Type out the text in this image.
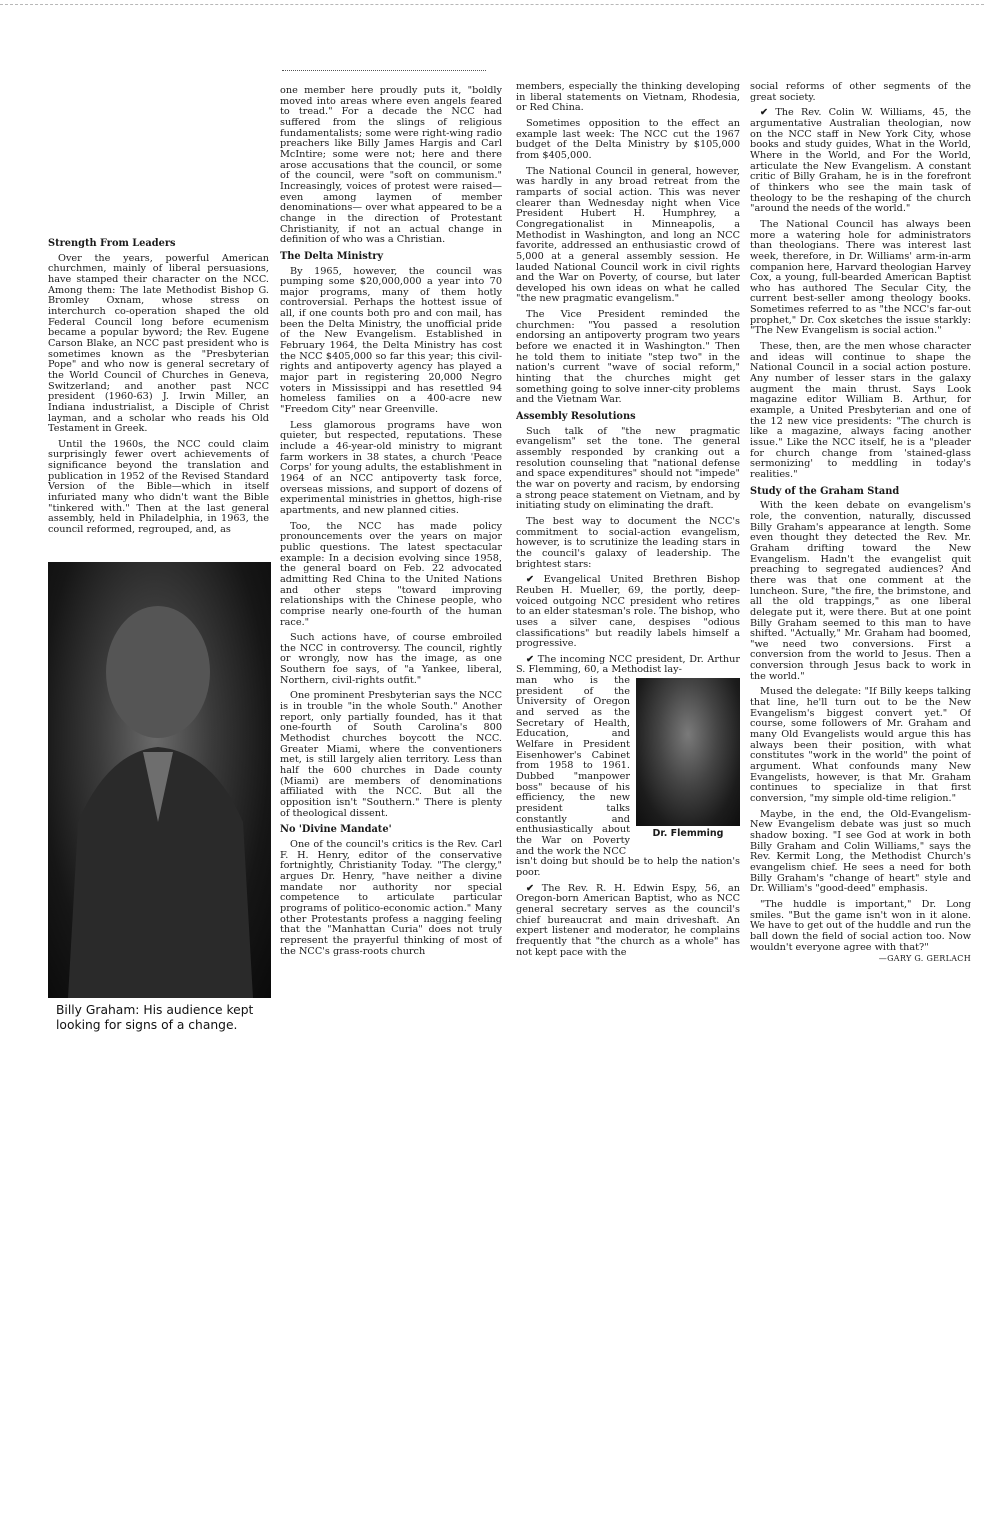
Strength From Leaders

Over the years, powerful American churchmen, mainly of liberal persuasions, have stamped their character on the NCC. Among them: The late Methodist Bishop G. Bromley Oxnam, whose stress on interchurch co-operation shaped the old Federal Council long before ecumenism became a popular byword; the Rev. Eugene Carson Blake, an NCC past president who is sometimes known as the "Presbyterian Pope" and who now is general secretary of the World Council of Churches in Geneva, Switzerland; and another past NCC president (1960-63) J. Irwin Miller, an Indiana industrialist, a Disciple of Christ layman, and a scholar who reads his Old Testament in Greek.

Until the 1960s, the NCC could claim surprisingly fewer overt achievements of significance beyond the translation and publication in 1952 of the Revised Standard Version of the Bible—which in itself infuriated many who didn't want the Bible "tinkered with." Then at the last general assembly, held in Philadelphia, in 1963, the council reformed, regrouped, and, as

Billy Graham: His audience kept looking for signs of a change.

one member here proudly puts it, "boldly moved into areas where even angels feared to tread." For a decade the NCC had suffered from the slings of religious fundamentalists; some were right-wing radio preachers like Billy James Hargis and Carl McIntire; some were not; here and there arose accusations that the council, or some of the council, were "soft on communism." Increasingly, voices of protest were raised—even among laymen of member denominations— over what appeared to be a change in the direction of Protestant Christianity, if not an actual change in definition of who was a Christian.

The Delta Ministry

By 1965, however, the council was pumping some $20,000,000 a year into 70 major programs, many of them hotly controversial. Perhaps the hottest issue of all, if one counts both pro and con mail, has been the Delta Ministry, the unofficial pride of the New Evangelism. Established in February 1964, the Delta Ministry has cost the NCC $405,000 so far this year; this civil-rights and antipoverty agency has played a major part in registering 20,000 Negro voters in Mississippi and has resettled 94 homeless families on a 400-acre new "Freedom City" near Greenville.

Less glamorous programs have won quieter, but respected, reputations. These include a 46-year-old ministry to migrant farm workers in 38 states, a church 'Peace Corps' for young adults, the establishment in 1964 of an NCC antipoverty task force, overseas missions, and support of dozens of experimental ministries in ghettos, high-rise apartments, and new planned cities.

Too, the NCC has made policy pronouncements over the years on major public questions. The latest spectacular example: In a decision evolving since 1958, the general board on Feb. 22 advocated admitting Red China to the United Nations and other steps "toward improving relationships with the Chinese people, who comprise nearly one-fourth of the human race."

Such actions have, of course embroiled the NCC in controversy. The council, rightly or wrongly, now has the image, as one Southern foe says, of "a Yankee, liberal, Northern, civil-rights outfit."

One prominent Presbyterian says the NCC is in trouble "in the whole South." Another report, only partially founded, has it that one-fourth of South Carolina's 800 Methodist churches boycott the NCC. Greater Miami, where the conventioners met, is still largely alien territory. Less than half the 600 churches in Dade county (Miami) are members of denominations affiliated with the NCC. But all the opposition isn't "Southern." There is plenty of theological dissent.

No 'Divine Mandate'

One of the council's critics is the Rev. Carl F. H. Henry, editor of the conservative fortnightly, Christianity Today. "The clergy," argues Dr. Henry, "have neither a divine mandate nor authority nor special competence to articulate particular programs of politico-economic action." Many other Protestants profess a nagging feeling that the "Manhattan Curia" does not truly represent the prayerful thinking of most of the NCC's grass-roots church

members, especially the thinking developing in liberal statements on Vietnam, Rhodesia, or Red China.

Sometimes opposition to the effect an example last week: The NCC cut the 1967 budget of the Delta Ministry by $105,000 from $405,000.

The National Council in general, however, was hardly in any broad retreat from the ramparts of social action. This was never clearer than Wednesday night when Vice President Hubert H. Humphrey, a Congregationalist in Minneapolis, a Methodist in Washington, and long an NCC favorite, addressed an enthusiastic crowd of 5,000 at a general assembly session. He lauded National Council work in civil rights and the War on Poverty, of course, but later developed his own ideas on what he called "the new pragmatic evangelism."

The Vice President reminded the churchmen: "You passed a resolution endorsing an antipoverty program two years before we enacted it in Washington." Then he told them to initiate "step two" in the nation's current "wave of social reform," hinting that the churches might get something going to solve inner-city problems and the Vietnam War.

Assembly Resolutions

Such talk of "the new pragmatic evangelism" set the tone. The general assembly responded by cranking out a resolution counseling that "national defense and space expenditures" should not "impede" the war on poverty and racism, by endorsing a strong peace statement on Vietnam, and by initiating study on eliminating the draft.

The best way to document the NCC's commitment to social-action evangelism, however, is to scrutinize the leading stars in the council's galaxy of leadership. The brightest stars:

✔ Evangelical United Brethren Bishop Reuben H. Mueller, 69, the portly, deep-voiced outgoing NCC president who retires to an elder statesman's role. The bishop, who uses a silver cane, despises "odious classifications" but readily labels himself a progressive.

✔ The incoming NCC president, Dr. Arthur S. Flemming, 60, a Methodist lay-

Dr. Flemming

man who is the president of the University of Oregon and served as the Secretary of Health, Education, and Welfare in President Eisenhower's Cabinet from 1958 to 1961. Dubbed "manpower boss" because of his efficiency, the new president talks constantly and enthusiastically about the War on Poverty and the work the NCC

isn't doing but should be to help the nation's poor.

✔ The Rev. R. H. Edwin Espy, 56, an Oregon-born American Baptist, who as NCC general secretary serves as the council's chief bureaucrat and main driveshaft. An expert listener and moderator, he complains frequently that "the church as a whole" has not kept pace with the

social reforms of other segments of the great society.

✔ The Rev. Colin W. Williams, 45, the argumentative Australian theologian, now on the NCC staff in New York City, whose books and study guides, What in the World, Where in the World, and For the World, articulate the New Evangelism. A constant critic of Billy Graham, he is in the forefront of thinkers who see the main task of theology to be the reshaping of the church "around the needs of the world."

The National Council has always been more a watering hole for administrators than theologians. There was interest last week, therefore, in Dr. Williams' arm-in-arm companion here, Harvard theologian Harvey Cox, a young, full-bearded American Baptist who has authored The Secular City, the current best-seller among theology books. Sometimes referred to as "the NCC's far-out prophet," Dr. Cox sketches the issue starkly: "The New Evangelism is social action."

These, then, are the men whose character and ideas will continue to shape the National Council in a social action posture. Any number of lesser stars in the galaxy augment the main thrust. Says Look magazine editor William B. Arthur, for example, a United Presbyterian and one of the 12 new vice presidents: "The church is like a magazine, always facing another issue." Like the NCC itself, he is a "pleader for church change from 'stained-glass sermonizing' to meddling in today's realities."

Study of the Graham Stand

With the keen debate on evangelism's role, the convention, naturally, discussed Billy Graham's appearance at length. Some even thought they detected the Rev. Mr. Graham drifting toward the New Evangelism. Hadn't the evangelist quit preaching to segregated audiences? And there was that one comment at the luncheon. Sure, "the fire, the brimstone, and all the old trappings," as one liberal delegate put it, were there. But at one point Billy Graham seemed to this man to have shifted. "Actually," Mr. Graham had boomed, "we need two conversions. First a conversion from the world to Jesus. Then a conversion through Jesus back to work in the world."

Mused the delegate: "If Billy keeps talking that line, he'll turn out to be the New Evangelism's biggest convert yet." Of course, some followers of Mr. Graham and many Old Evangelists would argue this has always been their position, with what constitutes "work in the world" the point of argument. What confounds many New Evangelists, however, is that Mr. Graham continues to specialize in that first conversion, "my simple old-time religion."

Maybe, in the end, the Old-Evangelism-New Evangelism debate was just so much shadow boxing. "I see God at work in both Billy Graham and Colin Williams," says the Rev. Kermit Long, the Methodist Church's evangelism chief. He sees a need for both Billy Graham's "change of heart" style and Dr. William's "good-deed" emphasis.

"The huddle is important," Dr. Long smiles. "But the game isn't won in it alone. We have to get out of the huddle and run the ball down the field of social action too. Now wouldn't everyone agree with that?"

—GARY G. GERLACH
